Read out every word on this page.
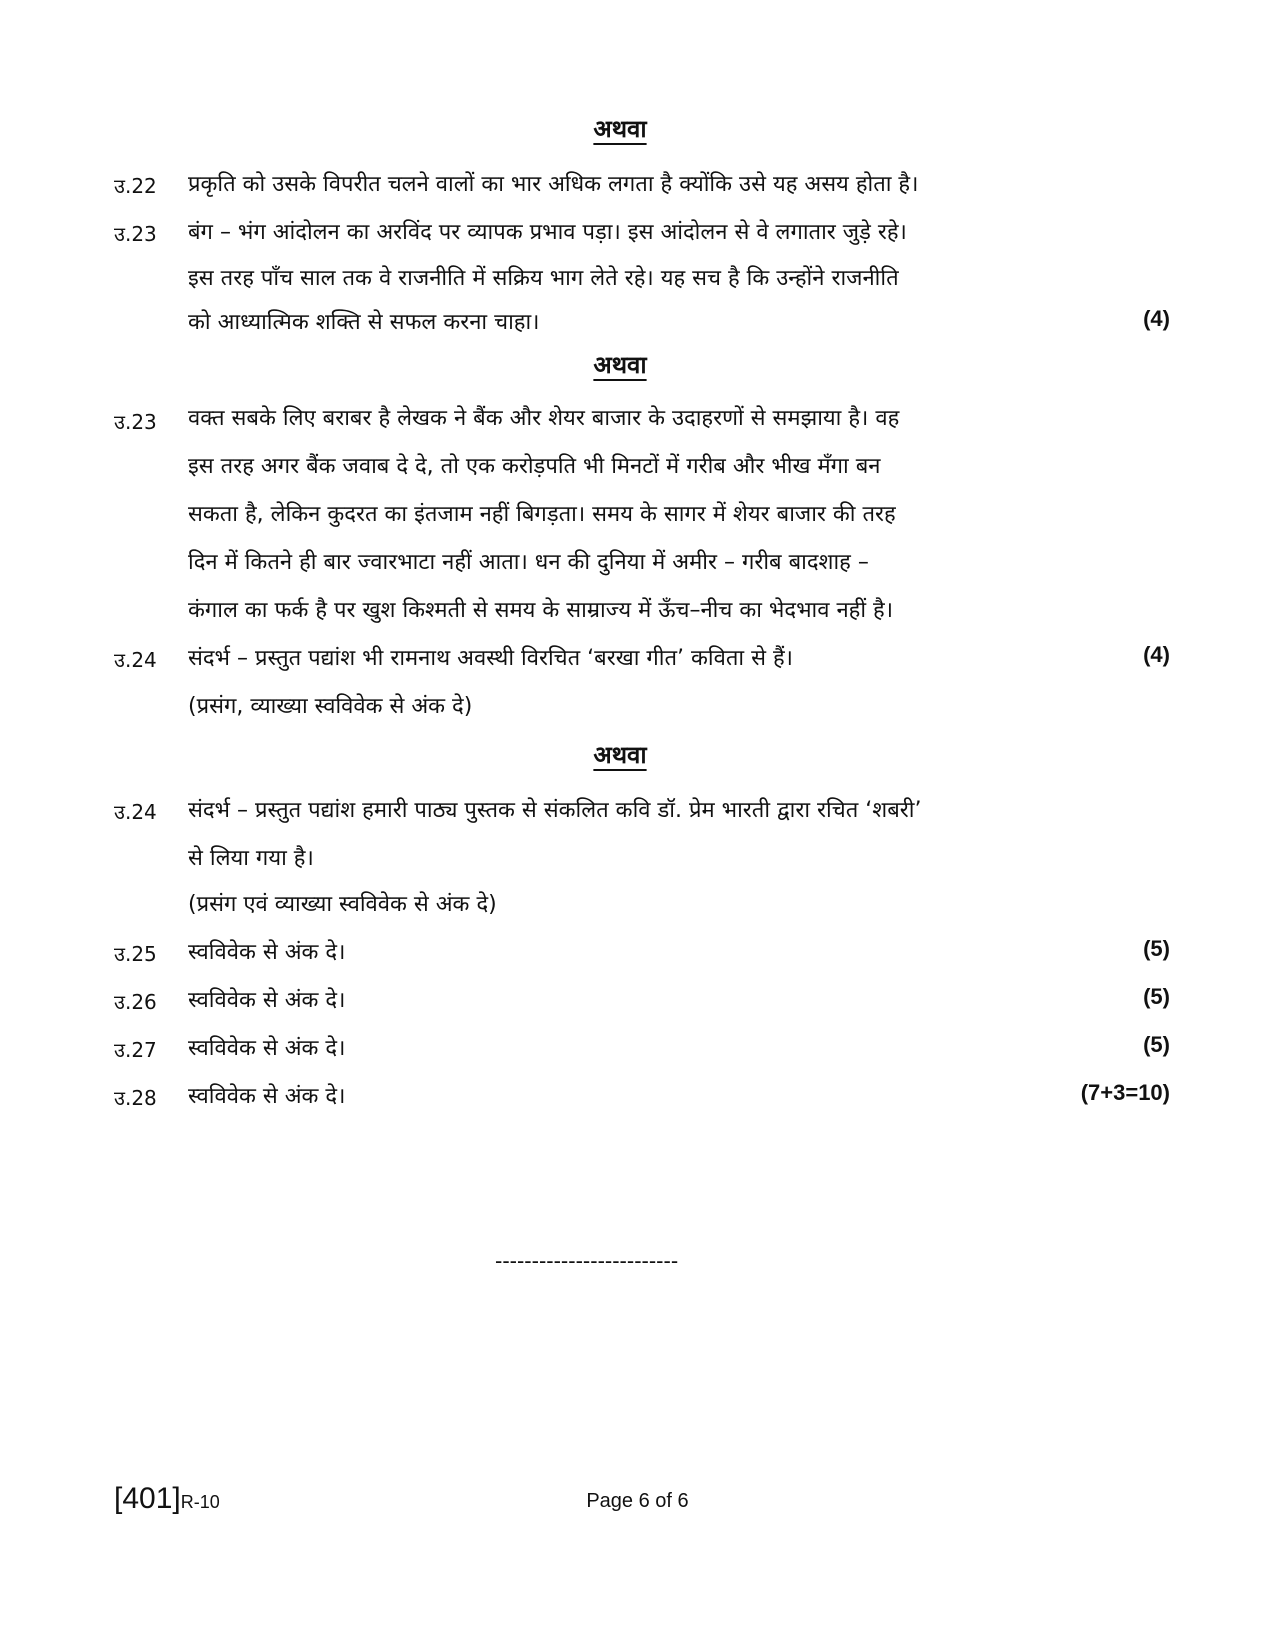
अथवा
उ.22 प्रकृति को उसके विपरीत चलने वालों का भार अधिक लगता है क्योंकि उसे यह असय होता है।
उ.23 बंग – भंग आंदोलन का अरविंद पर व्यापक प्रभाव पड़ा। इस आंदोलन से वे लगातार जुड़े रहे।
इस तरह पाँच साल तक वे राजनीति में सक्रिय भाग लेते रहे। यह सच है कि उन्होंने राजनीति
को आध्यात्मिक शक्ति से सफल करना चाहा।	(4)
अथवा
उ.23 वक्त सबके लिए बराबर है लेखक ने बैंक और शेयर बाजार के उदाहरणों से समझाया है। वह
इस तरह अगर बैंक जवाब दे दे, तो एक करोड़पति भी मिनटों में गरीब और भीख मँगा बन
सकता है, लेकिन कुदरत का इंतजाम नहीं बिगड़ता। समय के सागर में शेयर बाजार की तरह
दिन में कितने ही बार ज्वारभाटा नहीं आता। धन की दुनिया में अमीर – गरीब बादशाह –
कंगाल का फर्क है पर खुश किश्मती से समय के साम्राज्य में ऊँच–नीच का भेदभाव नहीं है।
उ.24 संदर्भ – प्रस्तुत पद्यांश भी रामनाथ अवस्थी विरचित ‘बरखा गीत’ कविता से हैं।	(4)
(प्रसंग, व्याख्या स्वविवेक से अंक दे)
अथवा
उ.24 संदर्भ – प्रस्तुत पद्यांश हमारी पाठ्य पुस्तक से संकलित कवि डॉ. प्रेम भारती द्वारा रचित ‘शबरी’
से लिया गया है।
(प्रसंग एवं व्याख्या स्वविवेक से अंक दे)
उ.25 स्वविवेक से अंक दे।	(5)
उ.26 स्वविवेक से अंक दे।	(5)
उ.27 स्वविवेक से अंक दे।	(5)
उ.28 स्वविवेक से अंक दे।	(7+3=10)
-------------------------
[401]R-10	Page 6 of 6
